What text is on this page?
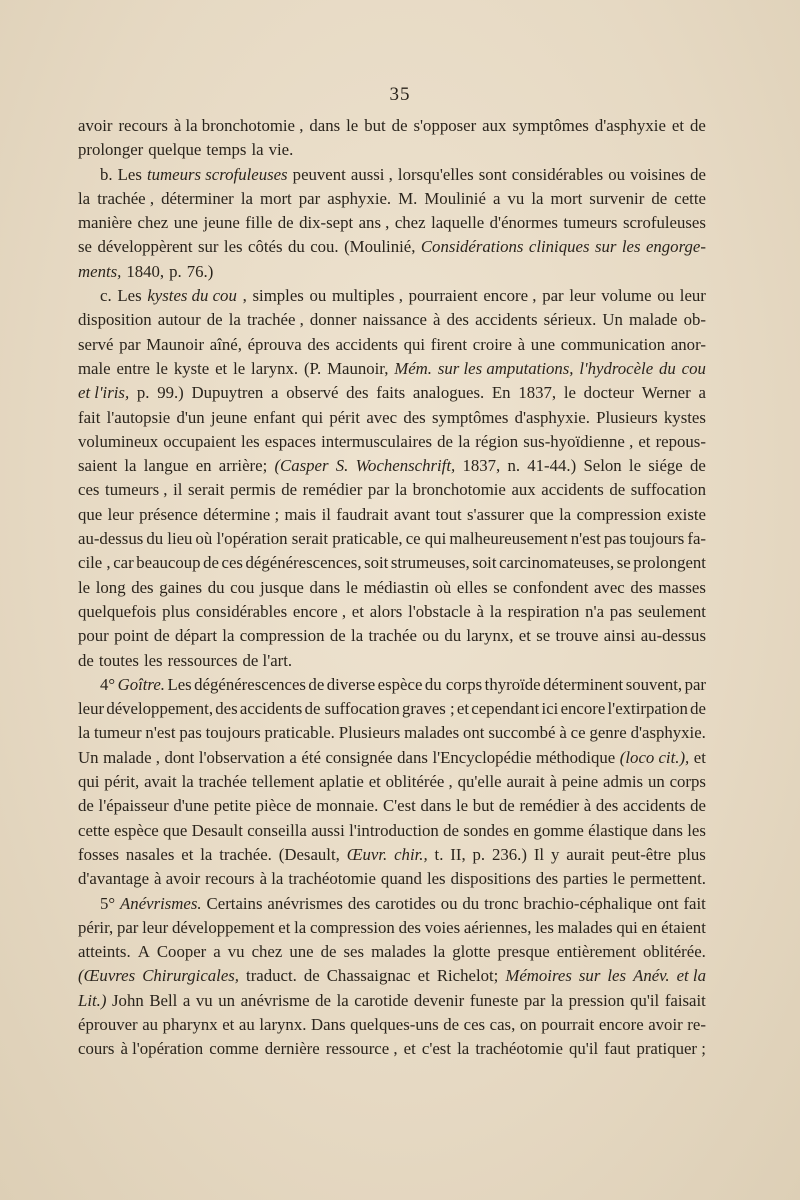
35
avoir recours à la bronchotomie , dans le but de s'opposer aux symptômes d'asphyxie et de
prolonger quelque temps la vie.
b. Les tumeurs scrofuleuses peuvent aussi , lorsqu'elles sont considérables ou voisines de
la trachée , déterminer la mort par asphyxie. M. Moulinié a vu la mort survenir de cette
manière chez une jeune fille de dix-sept ans , chez laquelle d'énormes tumeurs scrofuleuses
se développèrent sur les côtés du cou. (Moulinié, Considérations cliniques sur les engorge-
ments, 1840, p. 76.)
c. Les kystes du cou , simples ou multiples , pourraient encore , par leur volume ou leur
disposition autour de la trachée , donner naissance à des accidents sérieux. Un malade ob-
servé par Maunoir aîné, éprouva des accidents qui firent croire à une communication anor-
male entre le kyste et le larynx. (P. Maunoir, Mém. sur les amputations, l'hydrocèle du cou
et l'iris, p. 99.) Dupuytren a observé des faits analogues. En 1837, le docteur Werner a
fait l'autopsie d'un jeune enfant qui périt avec des symptômes d'asphyxie. Plusieurs kystes
volumineux occupaient les espaces intermusculaires de la région sus-hyoïdienne , et repous-
saient la langue en arrière; (Casper S. Wochenschrift, 1837, n. 41-44.) Selon le siége de
ces tumeurs , il serait permis de remédier par la bronchotomie aux accidents de suffocation
que leur présence détermine ; mais il faudrait avant tout s'assurer que la compression existe
au-dessus du lieu où l'opération serait praticable, ce qui malheureusement n'est pas toujours fa-
cile , car beaucoup de ces dégénérescences, soit strumeuses, soit carcinomateuses, se prolongent
le long des gaines du cou jusque dans le médiastin où elles se confondent avec des masses
quelquefois plus considérables encore , et alors l'obstacle à la respiration n'a pas seulement
pour point de départ la compression de la trachée ou du larynx, et se trouve ainsi au-dessus
de toutes les ressources de l'art.
4° Goître. Les dégénérescences de diverse espèce du corps thyroïde déterminent souvent, par
leur développement, des accidents de suffocation graves ; et cependant ici encore l'extirpation de
la tumeur n'est pas toujours praticable. Plusieurs malades ont succombé à ce genre d'asphyxie.
Un malade , dont l'observation a été consignée dans l'Encyclopédie méthodique (loco cit.), et
qui périt, avait la trachée tellement aplatie et oblitérée , qu'elle aurait à peine admis un corps
de l'épaisseur d'une petite pièce de monnaie. C'est dans le but de remédier à des accidents de
cette espèce que Desault conseilla aussi l'introduction de sondes en gomme élastique dans les
fosses nasales et la trachée. (Desault, Œuvr. chir., t. II, p. 236.) Il y aurait peut-être plus
d'avantage à avoir recours à la trachéotomie quand les dispositions des parties le permettent.
5° Anévrismes. Certains anévrismes des carotides ou du tronc brachio-céphalique ont fait
périr, par leur développement et la compression des voies aériennes, les malades qui en étaient
atteints. A Cooper a vu chez une de ses malades la glotte presque entièrement oblitérée.
(Œuvres Chirurgicales, traduct. de Chassaignac et Richelot; Mémoires sur les Anév. et la
Lit.) John Bell a vu un anévrisme de la carotide devenir funeste par la pression qu'il faisait
éprouver au pharynx et au larynx. Dans quelques-uns de ces cas, on pourrait encore avoir re-
cours à l'opération comme dernière ressource , et c'est la trachéotomie qu'il faut pratiquer ;
